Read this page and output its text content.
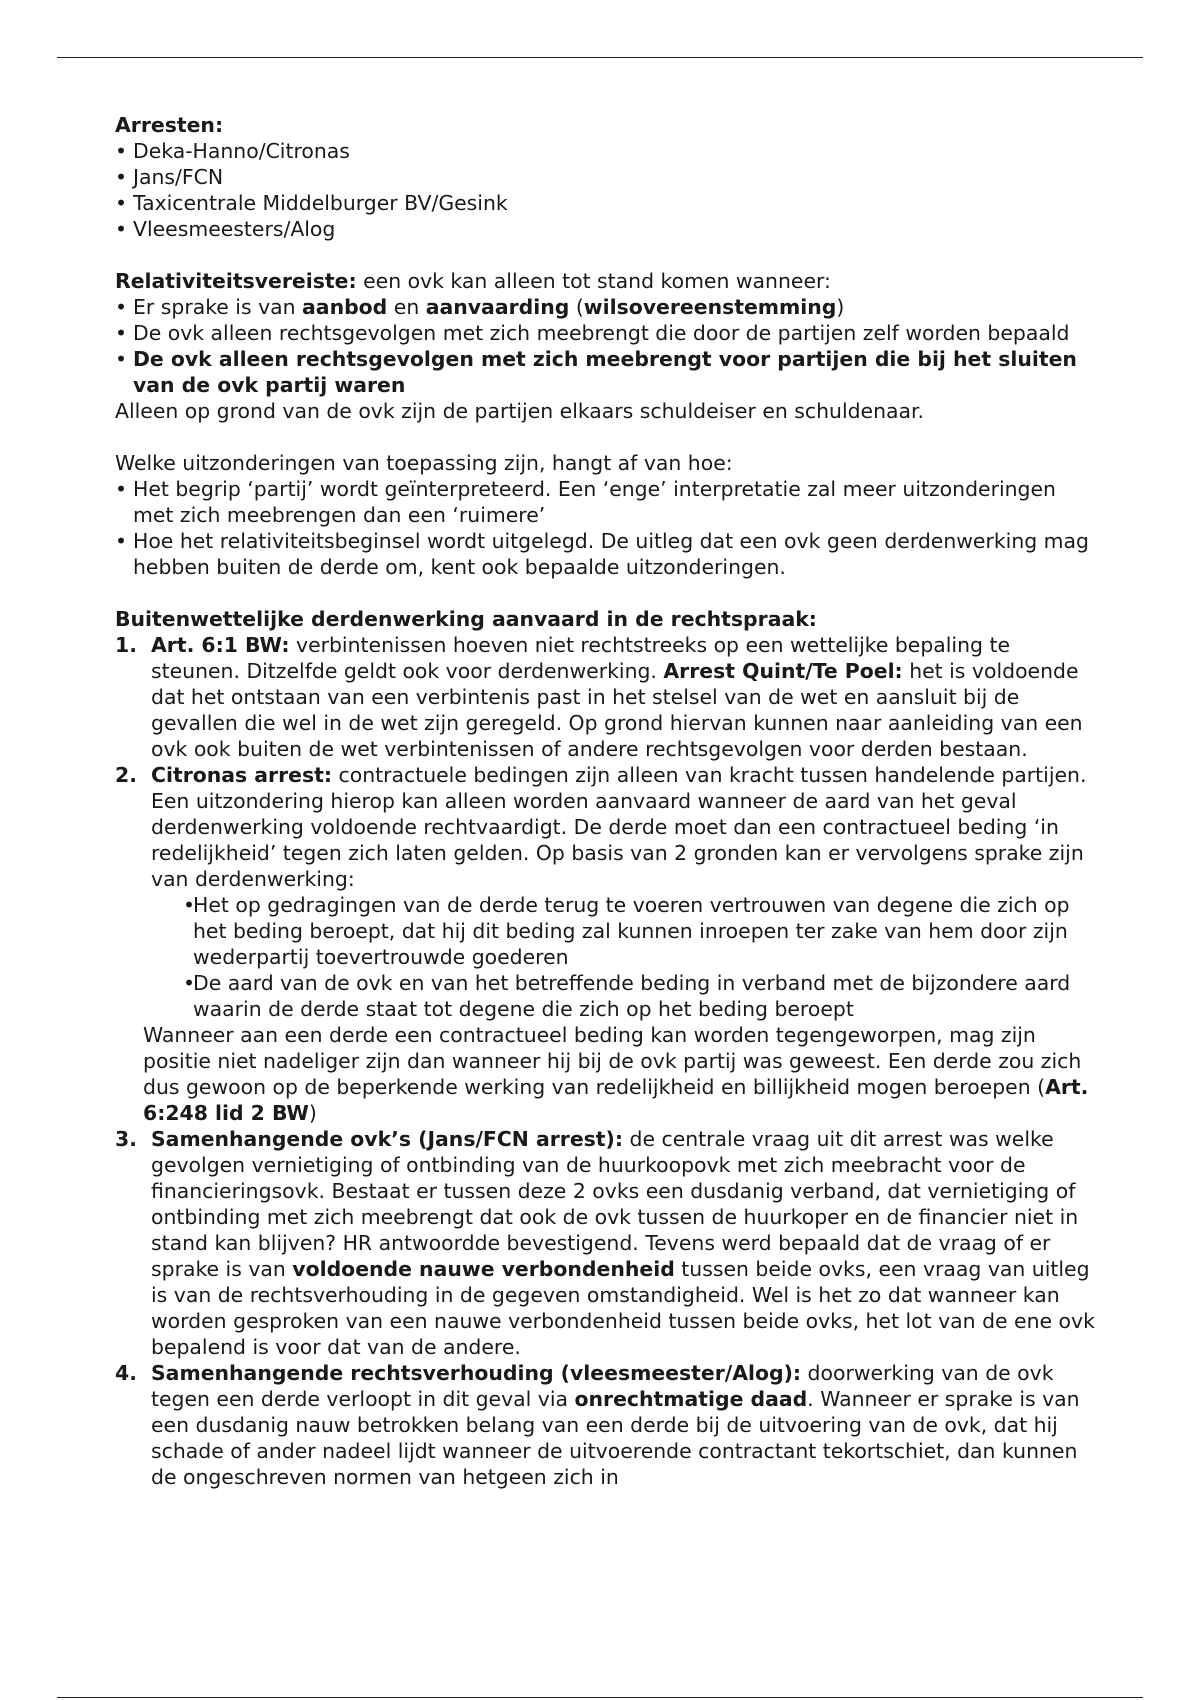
Arresten:

• Deka-Hanno/Citronas
• Jans/FCN
• Taxicentrale Middelburger BV/Gesink
• Vleesmeesters/Alog

Relativiteitsvereiste: een ovk kan alleen tot stand komen wanneer:

• Er sprake is van aanbod en aanvaarding (wilsovereenstemming)
• De ovk alleen rechtsgevolgen met zich meebrengt die door de partijen zelf worden bepaald
• De ovk alleen rechtsgevolgen met zich meebrengt voor partijen die bij het sluiten van de ovk partij waren

Alleen op grond van de ovk zijn de partijen elkaars schuldeiser en schuldenaar.

Welke uitzonderingen van toepassing zijn, hangt af van hoe:

• Het begrip ‘partij’ wordt geïnterpreteerd. Een ‘enge’ interpretatie zal meer uitzonderingen met zich meebrengen dan een ‘ruimere’
• Hoe het relativiteitsbeginsel wordt uitgelegd. De uitleg dat een ovk geen derdenwerking mag hebben buiten de derde om, kent ook bepaalde uitzonderingen.

Buitenwettelijke derdenwerking aanvaard in de rechtspraak:

1. Art. 6:1 BW: verbintenissen hoeven niet rechtstreeks op een wettelijke bepaling te steunen. Ditzelfde geldt ook voor derdenwerking. Arrest Quint/Te Poel: het is voldoende dat het ontstaan van een verbintenis past in het stelsel van de wet en aansluit bij de gevallen die wel in de wet zijn geregeld. Op grond hiervan kunnen naar aanleiding van een ovk ook buiten de wet verbintenissen of andere rechtsgevolgen voor derden bestaan.
2. Citronas arrest: contractuele bedingen zijn alleen van kracht tussen handelende partijen. Een uitzondering hierop kan alleen worden aanvaard wanneer de aard van het geval derdenwerking voldoende rechtvaardigt. De derde moet dan een contractueel beding ‘in redelijkheid’ tegen zich laten gelden. Op basis van 2 gronden kan er vervolgens sprake zijn van derdenwerking:
• Het op gedragingen van de derde terug te voeren vertrouwen van degene die zich op het beding beroept, dat hij dit beding zal kunnen inroepen ter zake van hem door zijn wederpartij toevertrouwde goederen
• De aard van de ovk en van het betreffende beding in verband met de bijzondere aard waarin de derde staat tot degene die zich op het beding beroept

Wanneer aan een derde een contractueel beding kan worden tegengeworpen, mag zijn positie niet nadeliger zijn dan wanneer hij bij de ovk partij was geweest. Een derde zou zich dus gewoon op de beperkende werking van redelijkheid en billijkheid mogen beroepen (Art. 6:248 lid 2 BW)

3. Samenhangende ovk’s (Jans/FCN arrest): de centrale vraag uit dit arrest was welke gevolgen vernietiging of ontbinding van de huurkoopovk met zich meebracht voor de financieringsovk. Bestaat er tussen deze 2 ovks een dusdanig verband, dat vernietiging of ontbinding met zich meebrengt dat ook de ovk tussen de huurkoper en de financier niet in stand kan blijven? HR antwoordde bevestigend. Tevens werd bepaald dat de vraag of er sprake is van voldoende nauwe verbondenheid tussen beide ovks, een vraag van uitleg is van de rechtsverhouding in de gegeven omstandigheid. Wel is het zo dat wanneer kan worden gesproken van een nauwe verbondenheid tussen beide ovks, het lot van de ene ovk bepalend is voor dat van de andere.
4. Samenhangende rechtsverhouding (vleesmeester/Alog): doorwerking van de ovk tegen een derde verloopt in dit geval via onrechtmatige daad. Wanneer er sprake is van een dusdanig nauw betrokken belang van een derde bij de uitvoering van de ovk, dat hij schade of ander nadeel lijdt wanneer de uitvoerende contractant tekortschiet, dan kunnen de ongeschreven normen van hetgeen zich in
